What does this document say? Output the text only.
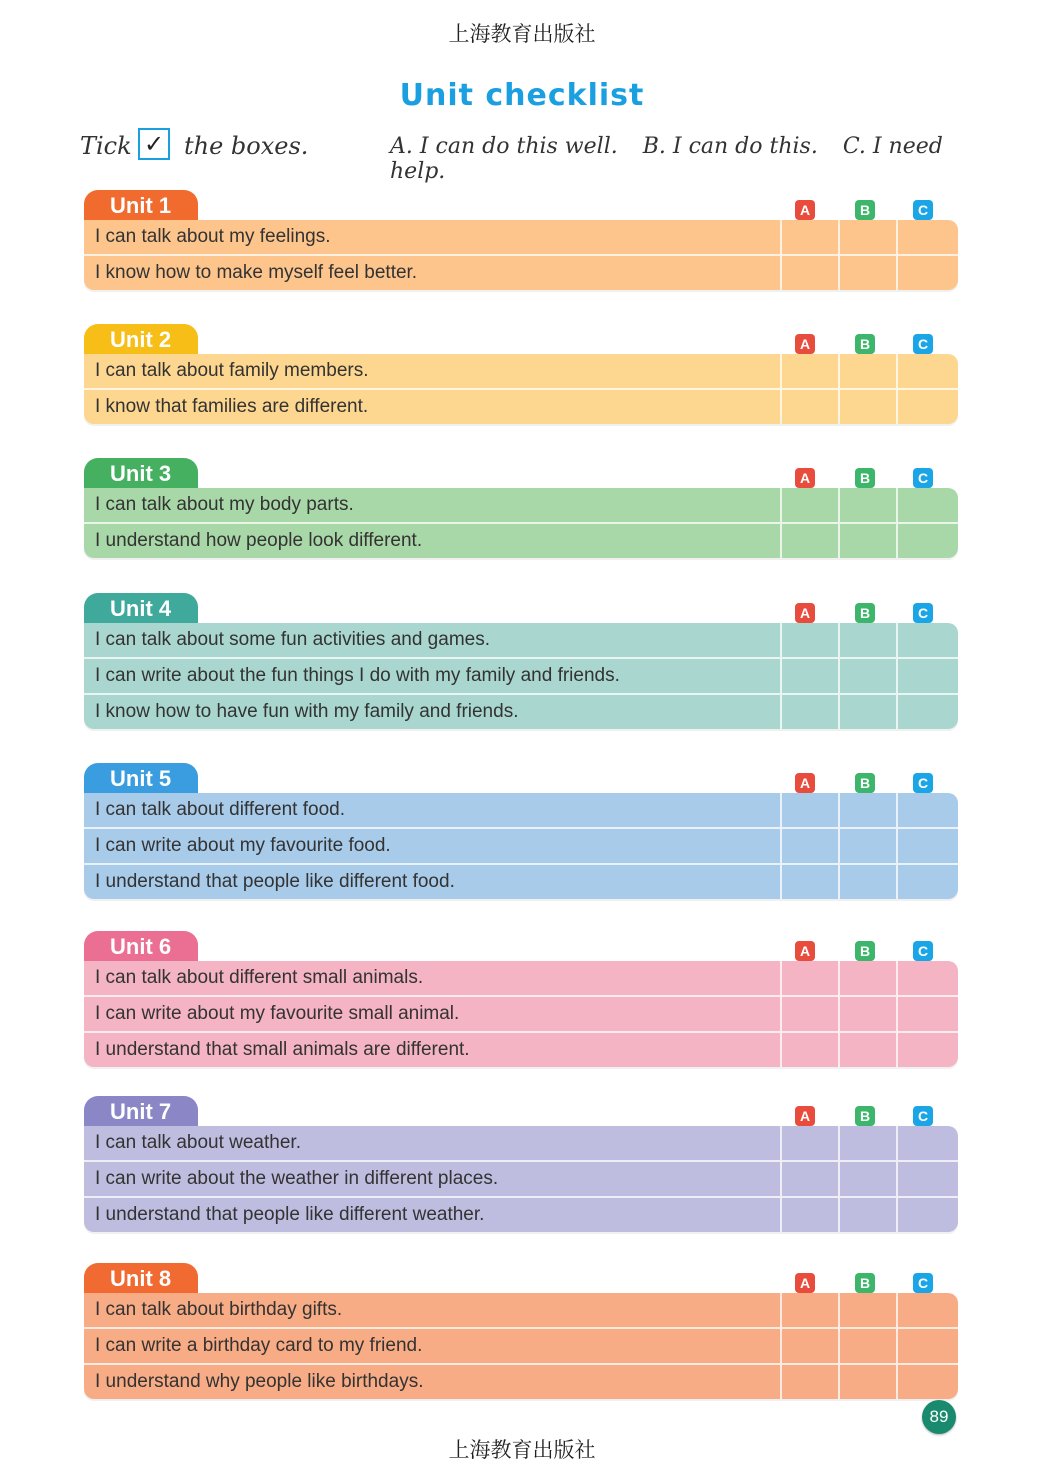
上海教育出版社
Unit checklist
Tick ✓ the boxes.	A. I can do this well. B. I can do this. C. I need help.
Unit 1	A	B	C
I can talk about my feelings.
I know how to make myself feel better.
Unit 2	A	B	C
I can talk about family members.
I know that families are different.
Unit 3	A	B	C
I can talk about my body parts.
I understand how people look different.
Unit 4	A	B	C
I can talk about some fun activities and games.
I can write about the fun things I do with my family and friends.
I know how to have fun with my family and friends.
Unit 5	A	B	C
I can talk about different food.
I can write about my favourite food.
I understand that people like different food.
Unit 6	A	B	C
I can talk about different small animals.
I can write about my favourite small animal.
I understand that small animals are different.
Unit 7	A	B	C
I can talk about weather.
I can write about the weather in different places.
I understand that people like different weather.
Unit 8	A	B	C
I can talk about birthday gifts.
I can write a birthday card to my friend.
I understand why people like birthdays.
89
上海教育出版社
